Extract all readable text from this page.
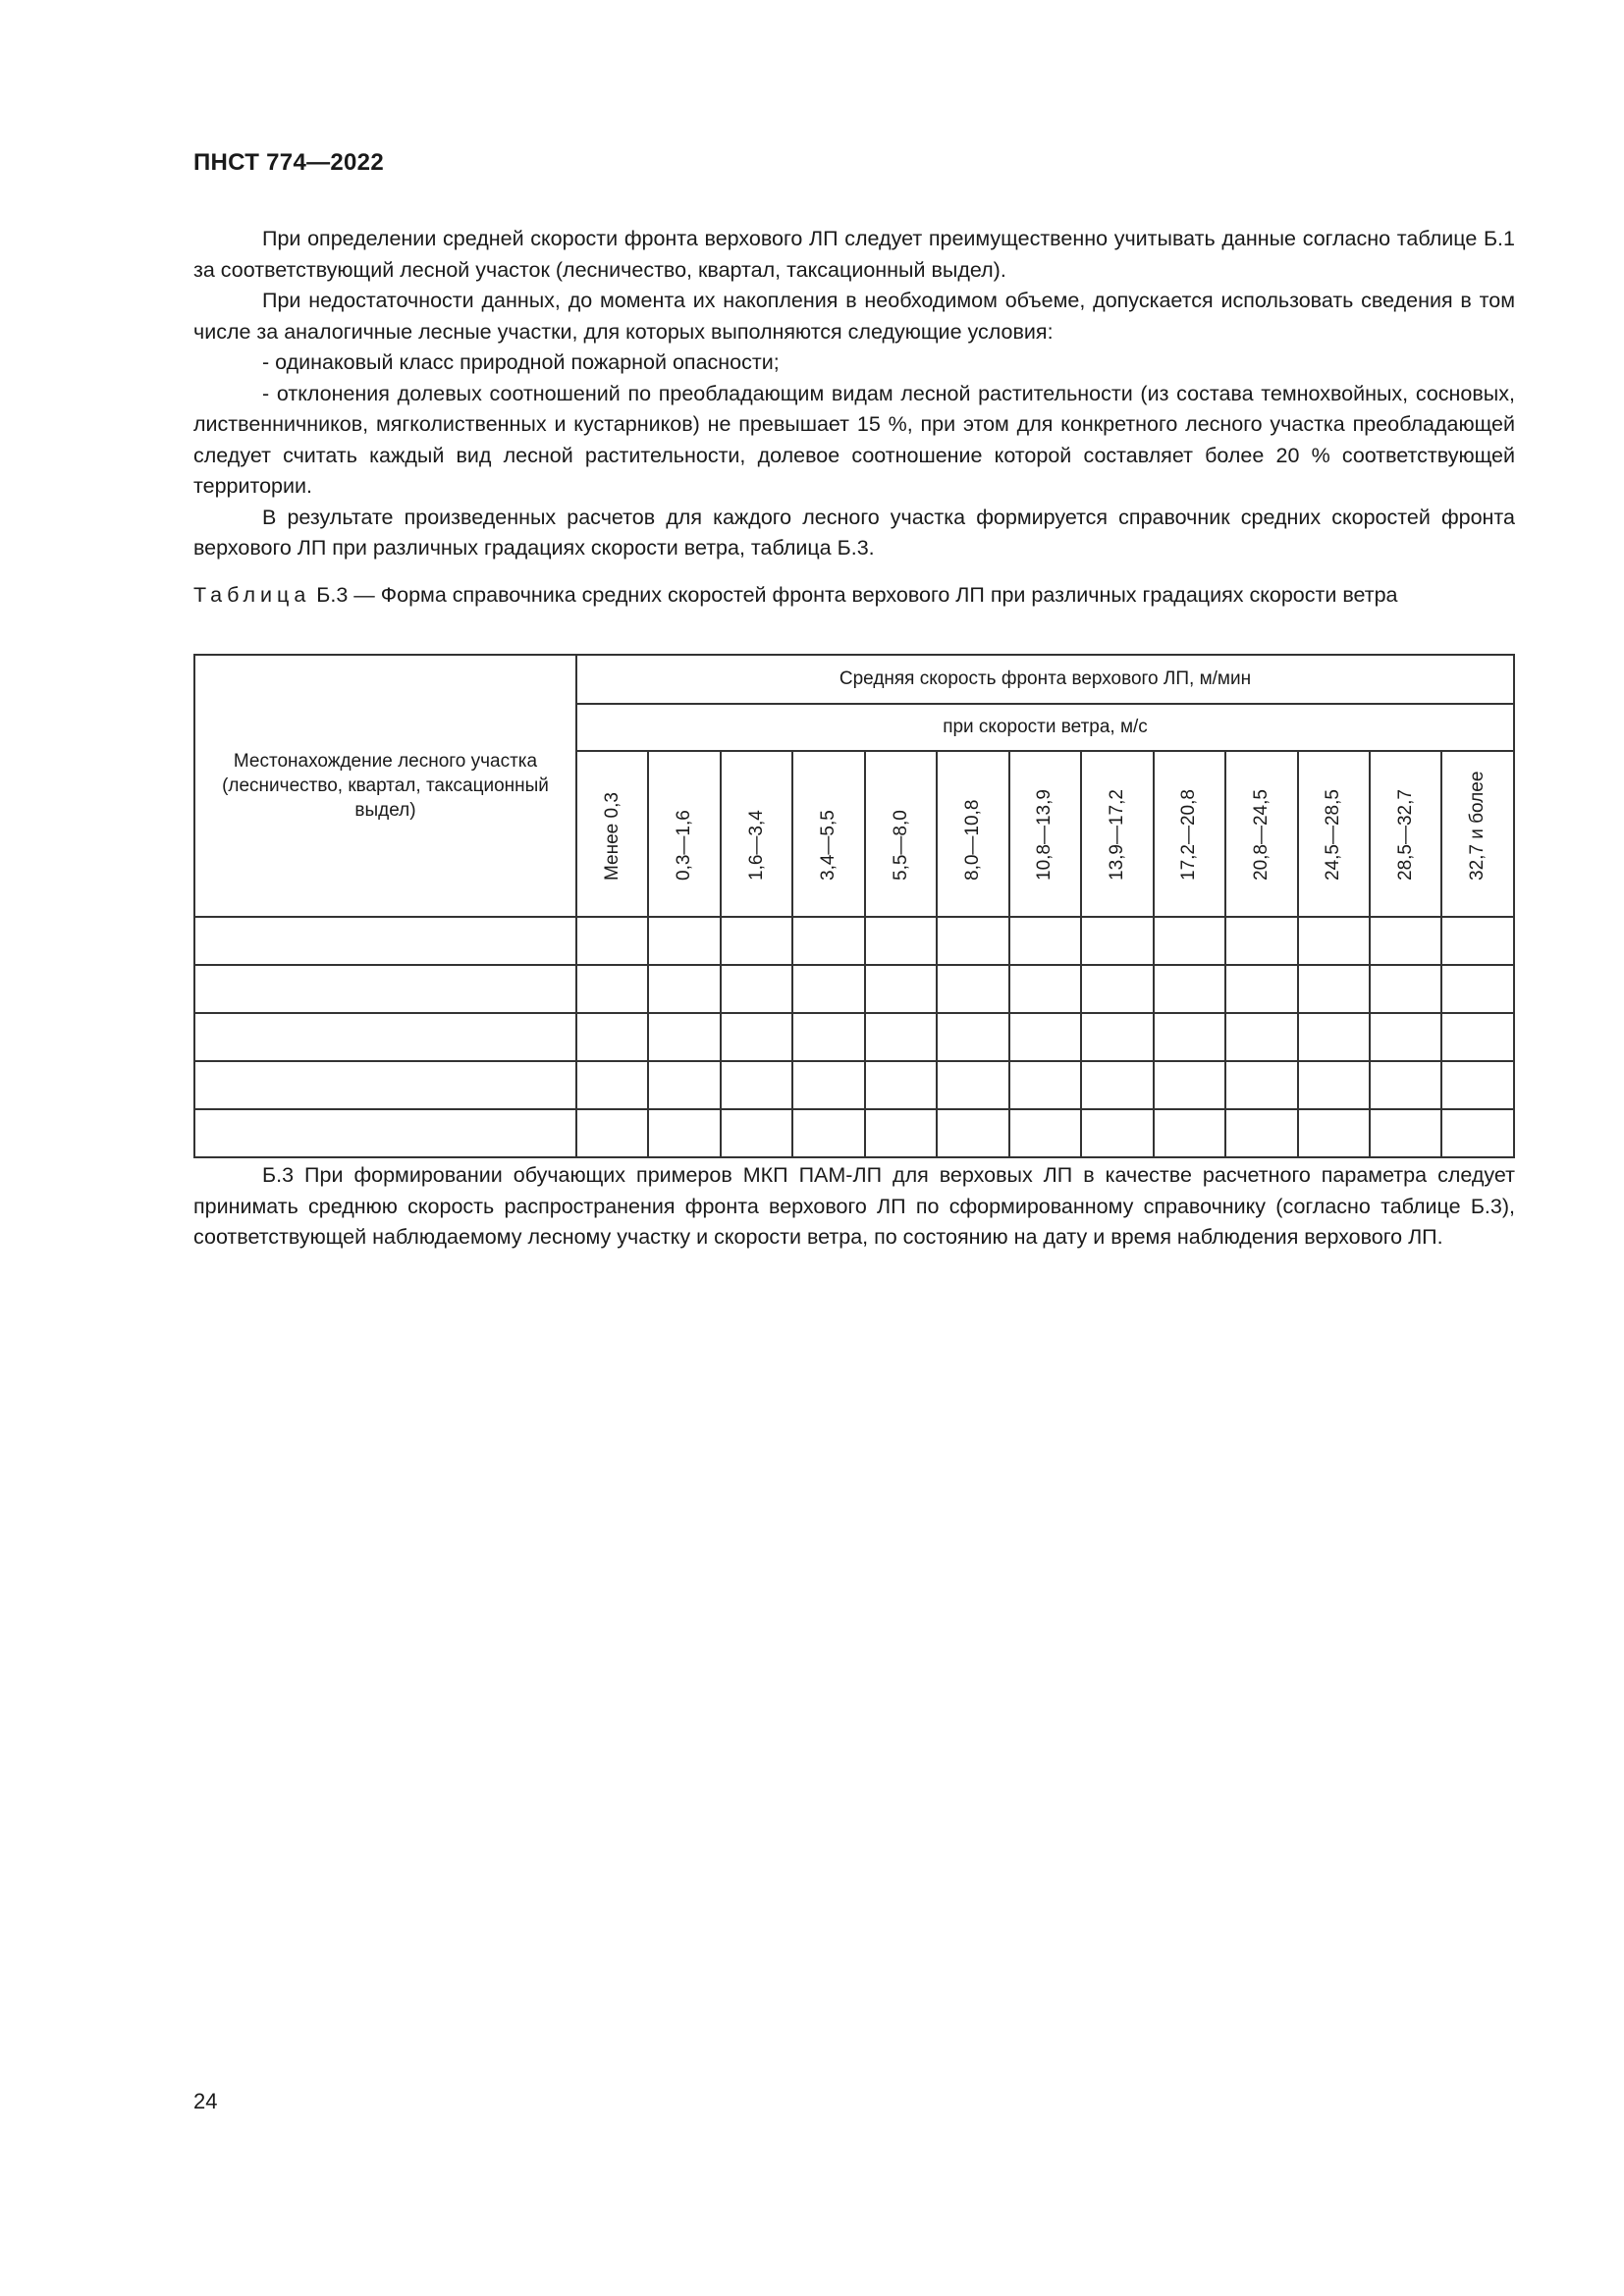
ПНСТ 774—2022

При определении средней скорости фронта верхового ЛП следует преимущественно учитывать данные согласно таблице Б.1 за соответствующий лесной участок (лесничество, квартал, таксационный выдел).

При недостаточности данных, до момента их накопления в необходимом объеме, допускается использовать сведения в том числе за аналогичные лесные участки, для которых выполняются следующие условия:

- одинаковый класс природной пожарной опасности;

- отклонения долевых соотношений по преобладающим видам лесной растительности (из состава темнохвойных, сосновых, лиственничников, мягколиственных и кустарников) не превышает 15 %, при этом для конкретного лесного участка преобладающей следует считать каждый вид лесной растительности, долевое соотношение которой составляет более 20 % соответствующей территории.

В результате произведенных расчетов для каждого лесного участка формируется справочник средних скоростей фронта верхового ЛП при различных градациях скорости ветра, таблица Б.3.

Таблица Б.3 — Форма справочника средних скоростей фронта верхового ЛП при различных градациях скорости ветра
Местонахождение лесного участка (лесничество, квартал, таксационный выдел)	Средняя скорость фронта верхового ЛП, м/мин												
	при скорости ветра, м/с												

	Менее 0,3	0,3—1,6	1,6—3,4	3,4—5,5	5,5—8,0	8,0—10,8	10,8—13,9	13,9—17,2	17,2—20,8	20,8—24,5	24,5—28,5	28,5—32,7	32,7 и более

Б.3 При формировании обучающих примеров МКП ПАМ-ЛП для верховых ЛП в качестве расчетного параметра следует принимать среднюю скорость распространения фронта верхового ЛП по сформированному справочнику (согласно таблице Б.3), соответствующей наблюдаемому лесному участку и скорости ветра, по состоянию на дату и время наблюдения верхового ЛП.

24
